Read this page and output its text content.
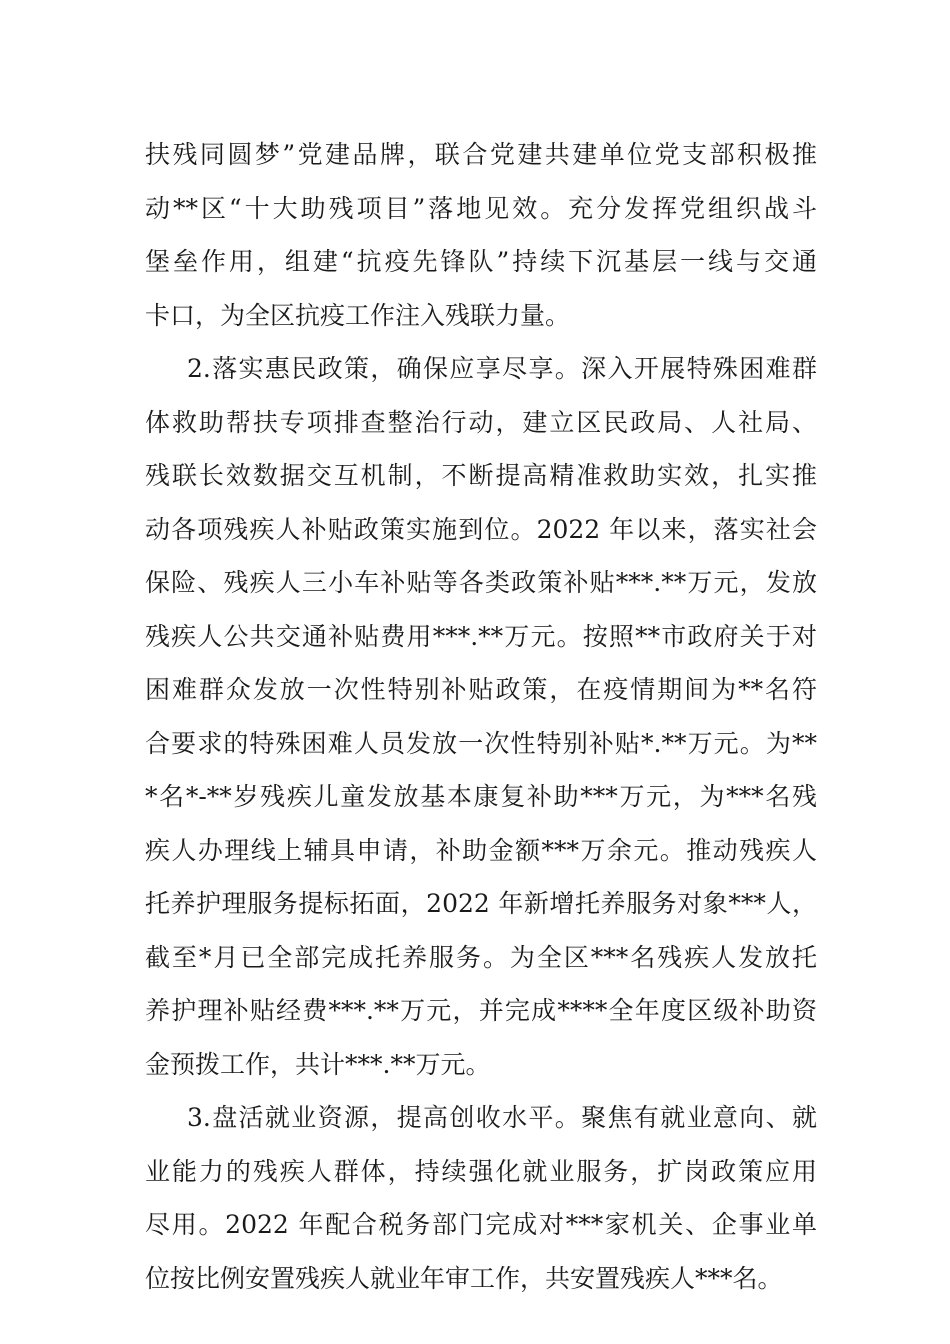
扶残同圆梦”党建品牌，联合党建共建单位党支部积极推
动**区“十大助残项目”落地见效。充分发挥党组织战斗
堡垒作用，组建“抗疫先锋队”持续下沉基层一线与交通
卡口，为全区抗疫工作注入残联力量。
2.落实惠民政策，确保应享尽享。深入开展特殊困难群
体救助帮扶专项排查整治行动，建立区民政局、人社局、
残联长效数据交互机制，不断提高精准救助实效，扎实推
动各项残疾人补贴政策实施到位。2022 年以来，落实社会
保险、残疾人三小车补贴等各类政策补贴***.**万元，发放
残疾人公共交通补贴费用***.**万元。按照**市政府关于对
困难群众发放一次性特别补贴政策，在疫情期间为**名符
合要求的特殊困难人员发放一次性特别补贴*.**万元。为**
*名*-**岁残疾儿童发放基本康复补助***万元，为***名残
疾人办理线上辅具申请，补助金额***万余元。推动残疾人
托养护理服务提标拓面，2022 年新增托养服务对象***人，
截至*月已全部完成托养服务。为全区***名残疾人发放托
养护理补贴经费***.**万元，并完成****全年度区级补助资
金预拨工作，共计***.**万元。
3.盘活就业资源，提高创收水平。聚焦有就业意向、就
业能力的残疾人群体，持续强化就业服务，扩岗政策应用
尽用。2022 年配合税务部门完成对***家机关、企事业单
位按比例安置残疾人就业年审工作，共安置残疾人***名。
